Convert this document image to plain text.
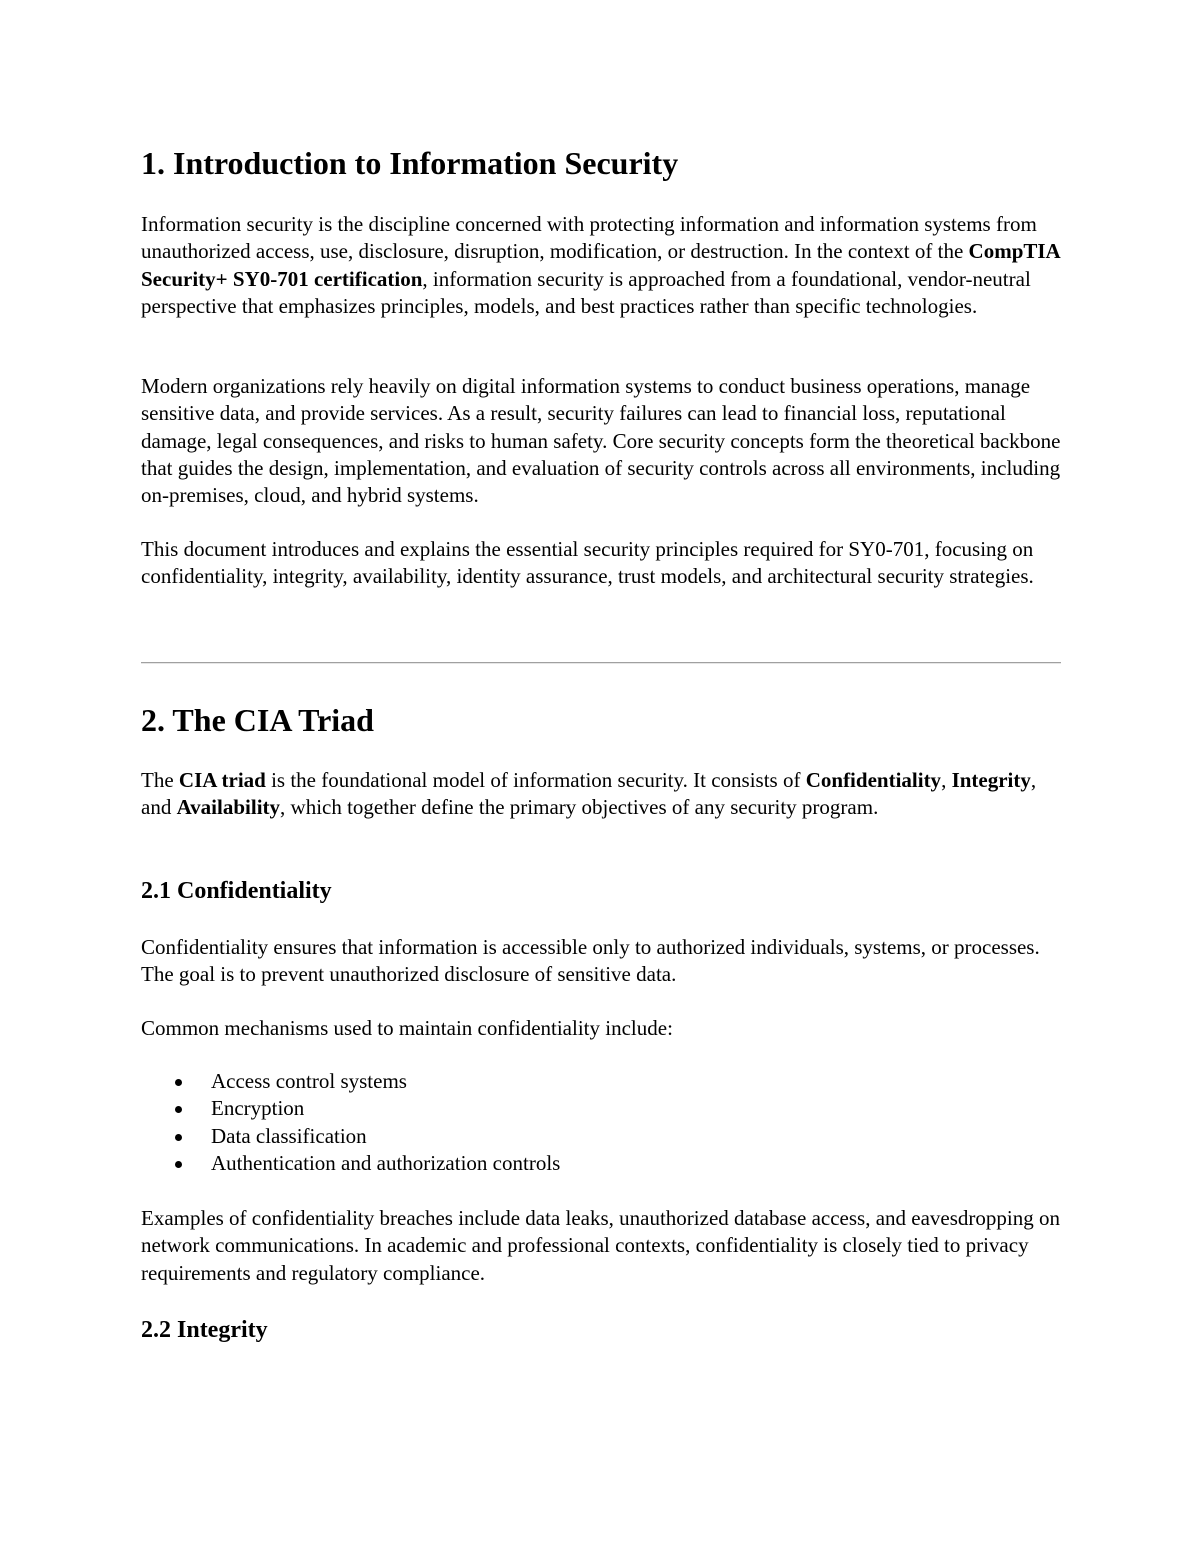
1. Introduction to Information Security

Information security is the discipline concerned with protecting information and information systems from unauthorized access, use, disclosure, disruption, modification, or destruction. In the context of the CompTIA Security+ SY0-701 certification, information security is approached from a foundational, vendor-neutral perspective that emphasizes principles, models, and best practices rather than specific technologies.

Modern organizations rely heavily on digital information systems to conduct business operations, manage sensitive data, and provide services. As a result, security failures can lead to financial loss, reputational damage, legal consequences, and risks to human safety. Core security concepts form the theoretical backbone that guides the design, implementation, and evaluation of security controls across all environments, including on-premises, cloud, and hybrid systems.

This document introduces and explains the essential security principles required for SY0-701, focusing on confidentiality, integrity, availability, identity assurance, trust models, and architectural security strategies.

2. The CIA Triad

The CIA triad is the foundational model of information security. It consists of Confidentiality, Integrity, and Availability, which together define the primary objectives of any security program.

2.1 Confidentiality

Confidentiality ensures that information is accessible only to authorized individuals, systems, or processes. The goal is to prevent unauthorized disclosure of sensitive data.

Common mechanisms used to maintain confidentiality include:

Access control systems
Encryption
Data classification
Authentication and authorization controls

Examples of confidentiality breaches include data leaks, unauthorized database access, and eavesdropping on network communications. In academic and professional contexts, confidentiality is closely tied to privacy requirements and regulatory compliance.

2.2 Integrity
